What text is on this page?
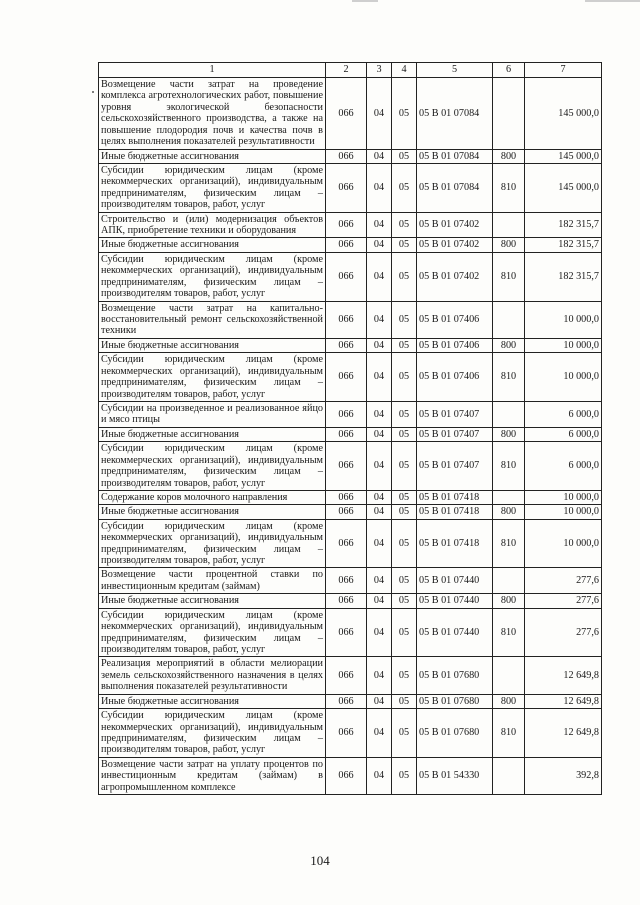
1	2	3	4	5	6	7
Возмещение части затрат на проведение комплекса агротехнологических работ, повышение уровня экологической безопасности сельскохозяйственного производства, а также на повышение плодородия почв и качества почв в целях выполнения показателей результативности	066	04	05	05 B 01 07084		145 000,0
Иные бюджетные ассигнования	066	04	05	05 B 01 07084	800	145 000,0
Субсидии юридическим лицам (кроме некоммерческих организаций), индивидуальным предпринимателям, физическим лицам – производителям товаров, работ, услуг	066	04	05	05 B 01 07084	810	145 000,0
Строительство и (или) модернизация объектов АПК, приобретение техники и оборудования	066	04	05	05 B 01 07402		182 315,7
Иные бюджетные ассигнования	066	04	05	05 B 01 07402	800	182 315,7
Субсидии юридическим лицам (кроме некоммерческих организаций), индивидуальным предпринимателям, физическим лицам – производителям товаров, работ, услуг	066	04	05	05 B 01 07402	810	182 315,7
Возмещение части затрат на капитально-восстановительный ремонт сельскохозяйственной техники	066	04	05	05 B 01 07406		10 000,0
Иные бюджетные ассигнования	066	04	05	05 B 01 07406	800	10 000,0
Субсидии юридическим лицам (кроме некоммерческих организаций), индивидуальным предпринимателям, физическим лицам – производителям товаров, работ, услуг	066	04	05	05 B 01 07406	810	10 000,0
Субсидии на произведенное и реализованное яйцо и мясо птицы	066	04	05	05 B 01 07407		6 000,0
Иные бюджетные ассигнования	066	04	05	05 B 01 07407	800	6 000,0
Субсидии юридическим лицам (кроме некоммерческих организаций), индивидуальным предпринимателям, физическим лицам – производителям товаров, работ, услуг	066	04	05	05 B 01 07407	810	6 000,0
Содержание коров молочного направления	066	04	05	05 B 01 07418		10 000,0
Иные бюджетные ассигнования	066	04	05	05 B 01 07418	800	10 000,0
Субсидии юридическим лицам (кроме некоммерческих организаций), индивидуальным предпринимателям, физическим лицам – производителям товаров, работ, услуг	066	04	05	05 B 01 07418	810	10 000,0
Возмещение части процентной ставки по инвестиционным кредитам (займам)	066	04	05	05 B 01 07440		277,6
Иные бюджетные ассигнования	066	04	05	05 B 01 07440	800	277,6
Субсидии юридическим лицам (кроме некоммерческих организаций), индивидуальным предпринимателям, физическим лицам – производителям товаров, работ, услуг	066	04	05	05 B 01 07440	810	277,6
Реализация мероприятий в области мелиорации земель сельскохозяйственного назначения в целях выполнения показателей результативности	066	04	05	05 B 01 07680		12 649,8
Иные бюджетные ассигнования	066	04	05	05 B 01 07680	800	12 649,8
Субсидии юридическим лицам (кроме некоммерческих организаций), индивидуальным предпринимателям, физическим лицам – производителям товаров, работ, услуг	066	04	05	05 B 01 07680	810	12 649,8
Возмещение части затрат на уплату процентов по инвестиционным кредитам (займам) в агропромышленном комплексе	066	04	05	05 B 01 54330		392,8
104
